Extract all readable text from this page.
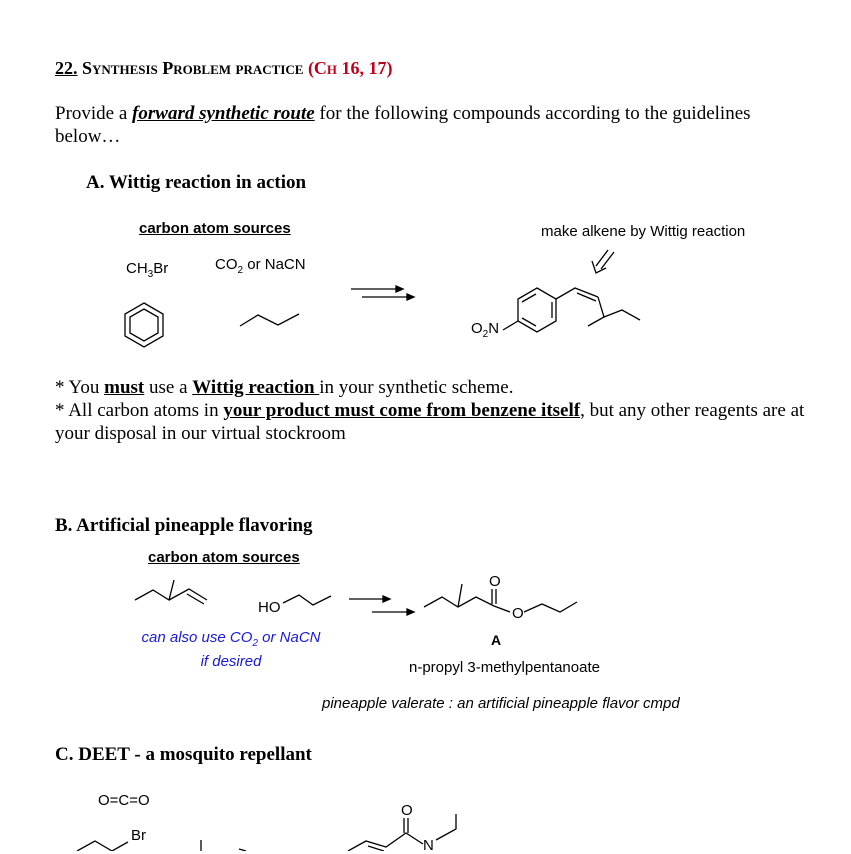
22. Synthesis Problem practice (Ch 16, 17)
Provide a forward synthetic route for the following compounds according to the guidelines below…
A. Wittig reaction in action
carbon atom sources	make alkene by Wittig reaction
$CH_3Br$	$CO_2$ or NaCN
$O_2N$
* You must use a Wittig reaction in your synthetic scheme.
* All carbon atoms in your product must come from benzene itself, but any other reagents are at your disposal in our virtual stockroom
B. Artificial pineapple flavoring
carbon atom sources
HO
can also use $CO_2$ or NaCN
if desired
A
n-propyl 3-methylpentanoate
pineapple valerate : an artificial pineapple flavor cmpd
O
O
C. DEET - a mosquito repellant
O=C=O
Br
O
N
